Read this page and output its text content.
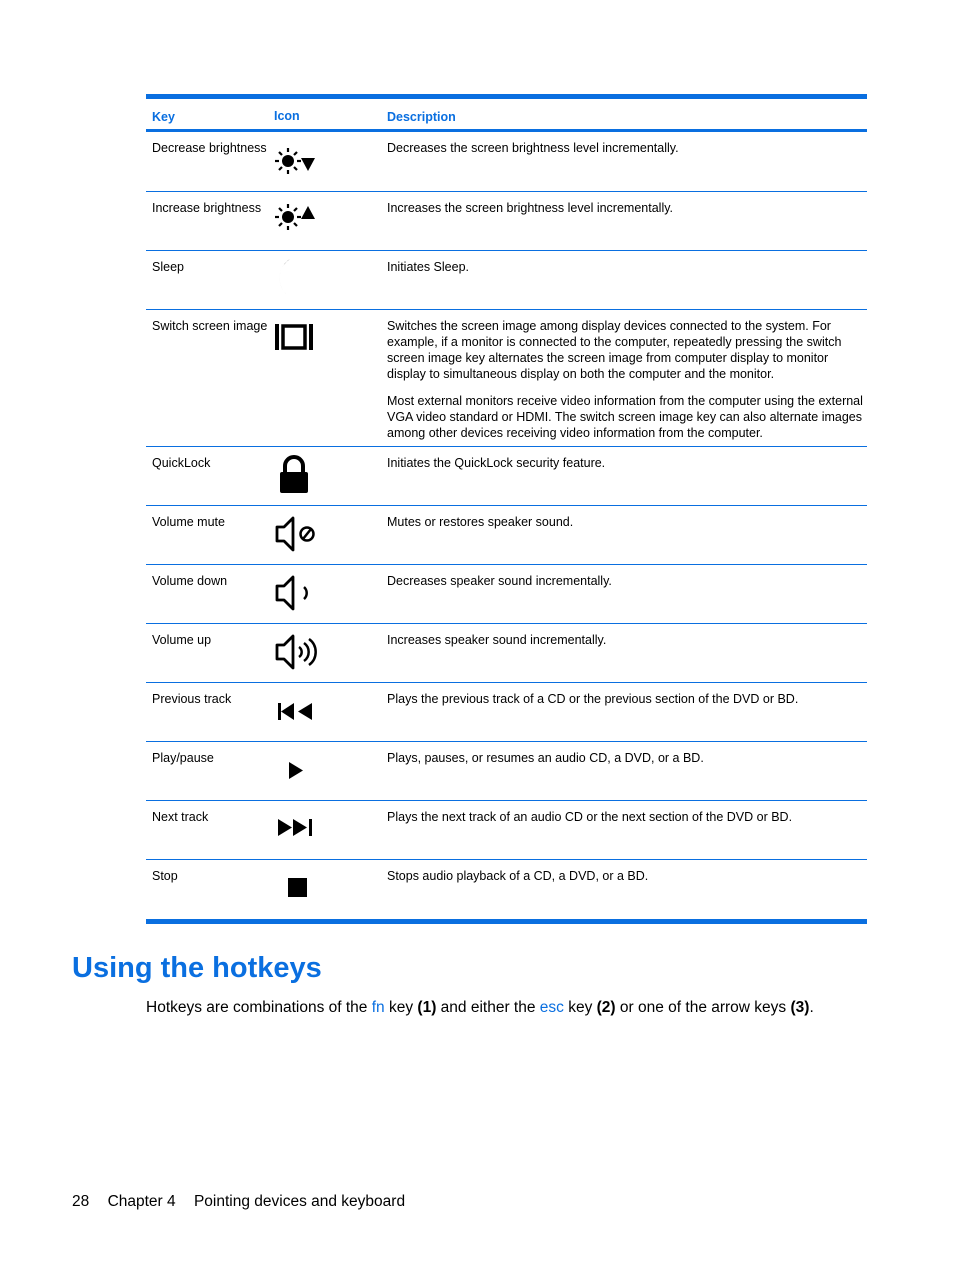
Key	Icon	Description
Decrease brightness	Decreases the screen brightness level incrementally.

Increase brightness	Increases the screen brightness level incrementally.

Sleep	Initiates Sleep.

Switch screen image	Switches the screen image among display devices connected to the system. For example, if a monitor is connected to the computer, repeatedly pressing the switch screen image key alternates the screen image from computer display to monitor display to simultaneous display on both the computer and the monitor.

Most external monitors receive video information from the computer using the external VGA video standard or HDMI. The switch screen image key can also alternate images among other devices receiving video information from the computer.

QuickLock	Initiates the QuickLock security feature.

Volume mute	Mutes or restores speaker sound.

Volume down	Decreases speaker sound incrementally.

Volume up	Increases speaker sound incrementally.

Previous track	Plays the previous track of a CD or the previous section of the DVD or BD.

Play/pause	Plays, pauses, or resumes an audio CD, a DVD, or a BD.

Next track	Plays the next track of an audio CD or the next section of the DVD or BD.

Stop	Stops audio playback of a CD, a DVD, or a BD.

Using the hotkeys

Hotkeys are combinations of the fn key (1) and either the esc key (2) or one of the arrow keys (3).

28 Chapter 4 Pointing devices and keyboard
